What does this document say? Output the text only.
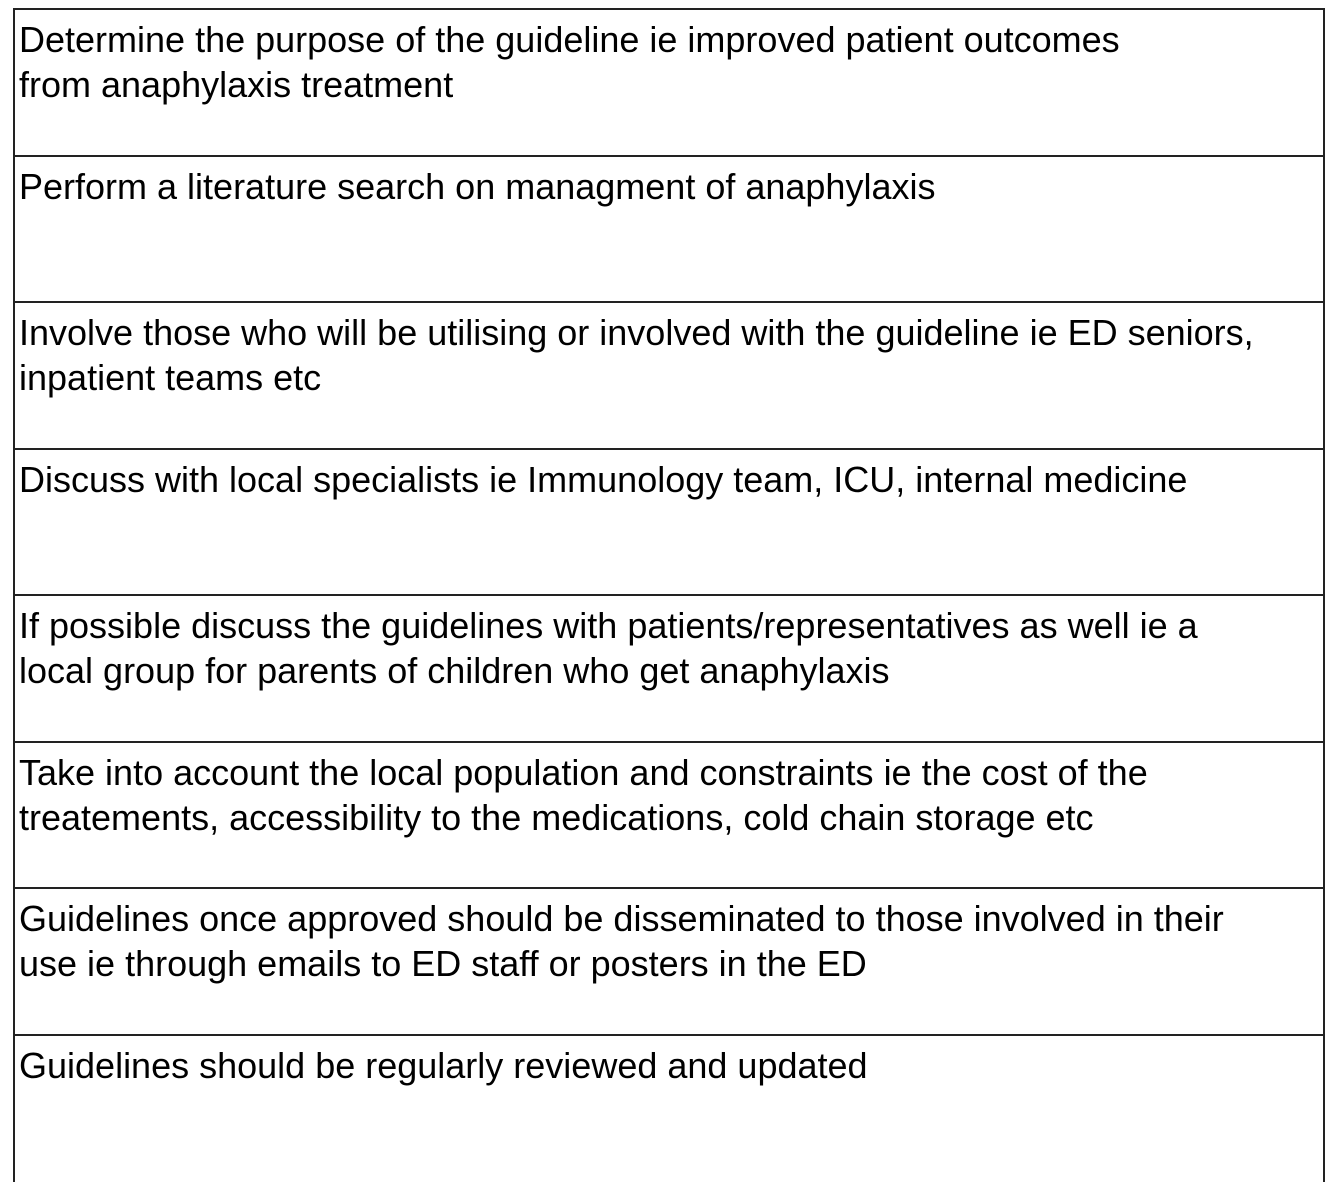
Determine the purpose of the guideline ie improved patient outcomes
from anaphylaxis treatment
Perform a literature search on managment of anaphylaxis
Involve those who will be utilising or involved with the guideline ie ED seniors,
inpatient teams etc
Discuss with local specialists ie Immunology team, ICU, internal medicine
If possible discuss the guidelines with patients/representatives as well ie a
local group for parents of children who get anaphylaxis
Take into account the local population and constraints ie the cost of the
treatements, accessibility to the medications, cold chain storage etc
Guidelines once approved should be disseminated to those involved in their
use ie through emails to ED staff or posters in the ED
Guidelines should be regularly reviewed and updated
